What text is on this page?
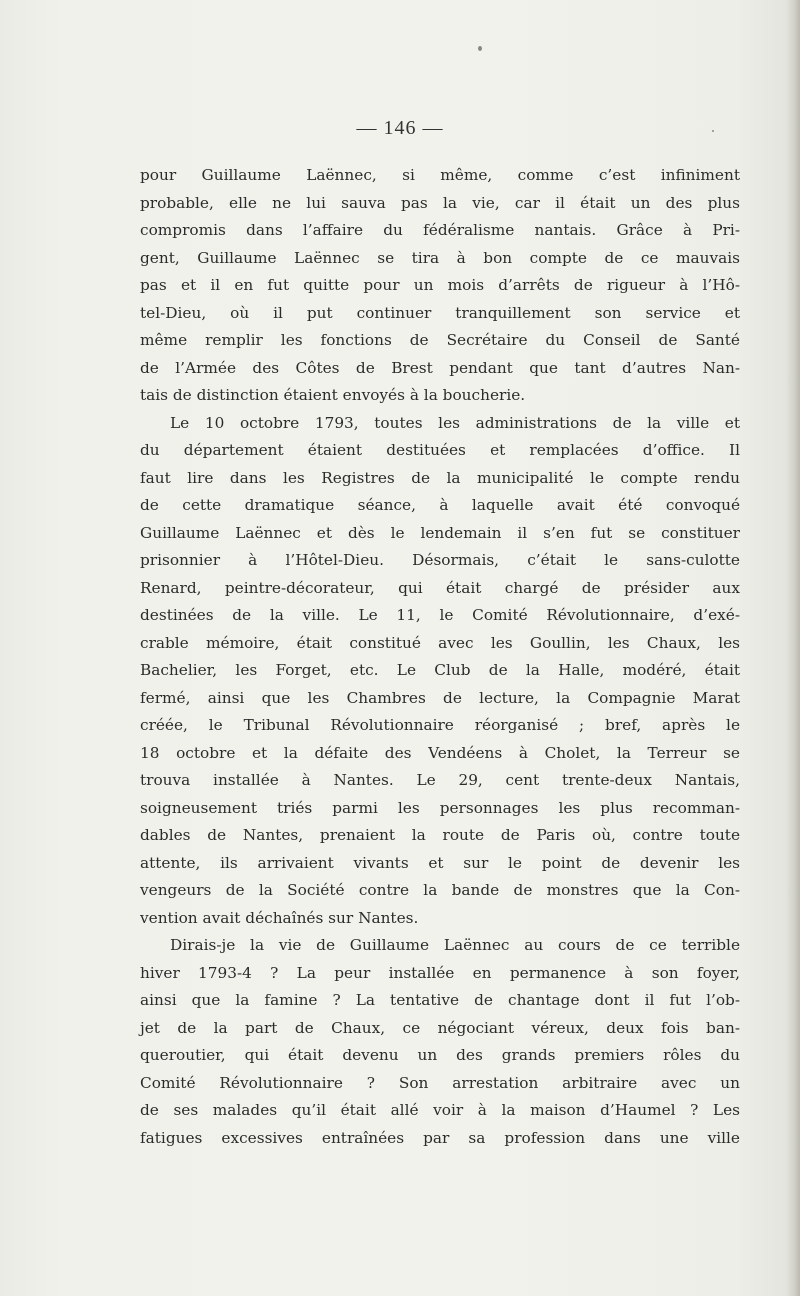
— 146 —
pour Guillaume Laënnec, si même, comme c’est infiniment
probable, elle ne lui sauva pas la vie, car il était un des plus
compromis dans l’affaire du fédéralisme nantais. Grâce à Pri-
gent, Guillaume Laënnec se tira à bon compte de ce mauvais
pas et il en fut quitte pour un mois d’arrêts de rigueur à l’Hô-
tel-Dieu, où il put continuer tranquillement son service et
même remplir les fonctions de Secrétaire du Conseil de Santé
de l’Armée des Côtes de Brest pendant que tant d’autres Nan-
tais de distinction étaient envoyés à la boucherie.
Le 10 octobre 1793, toutes les administrations de la ville et
du département étaient destituées et remplacées d’office. Il
faut lire dans les Registres de la municipalité le compte rendu
de cette dramatique séance, à laquelle avait été convoqué
Guillaume Laënnec et dès le lendemain il s’en fut se constituer
prisonnier à l’Hôtel-Dieu. Désormais, c’était le sans-culotte
Renard, peintre-décorateur, qui était chargé de présider aux
destinées de la ville. Le 11, le Comité Révolutionnaire, d’exé-
crable mémoire, était constitué avec les Goullin, les Chaux, les
Bachelier, les Forget, etc. Le Club de la Halle, modéré, était
fermé, ainsi que les Chambres de lecture, la Compagnie Marat
créée, le Tribunal Révolutionnaire réorganisé ; bref, après le
18 octobre et la défaite des Vendéens à Cholet, la Terreur se
trouva installée à Nantes. Le 29, cent trente-deux Nantais,
soigneusement triés parmi les personnages les plus recomman-
dables de Nantes, prenaient la route de Paris où, contre toute
attente, ils arrivaient vivants et sur le point de devenir les
vengeurs de la Société contre la bande de monstres que la Con-
vention avait déchaînés sur Nantes.
Dirais-je la vie de Guillaume Laënnec au cours de ce terrible
hiver 1793-4 ? La peur installée en permanence à son foyer,
ainsi que la famine ? La tentative de chantage dont il fut l’ob-
jet de la part de Chaux, ce négociant véreux, deux fois ban-
queroutier, qui était devenu un des grands premiers rôles du
Comité Révolutionnaire ? Son arrestation arbitraire avec un
de ses malades qu’il était allé voir à la maison d’Haumel ? Les
fatigues excessives entraînées par sa profession dans une ville
